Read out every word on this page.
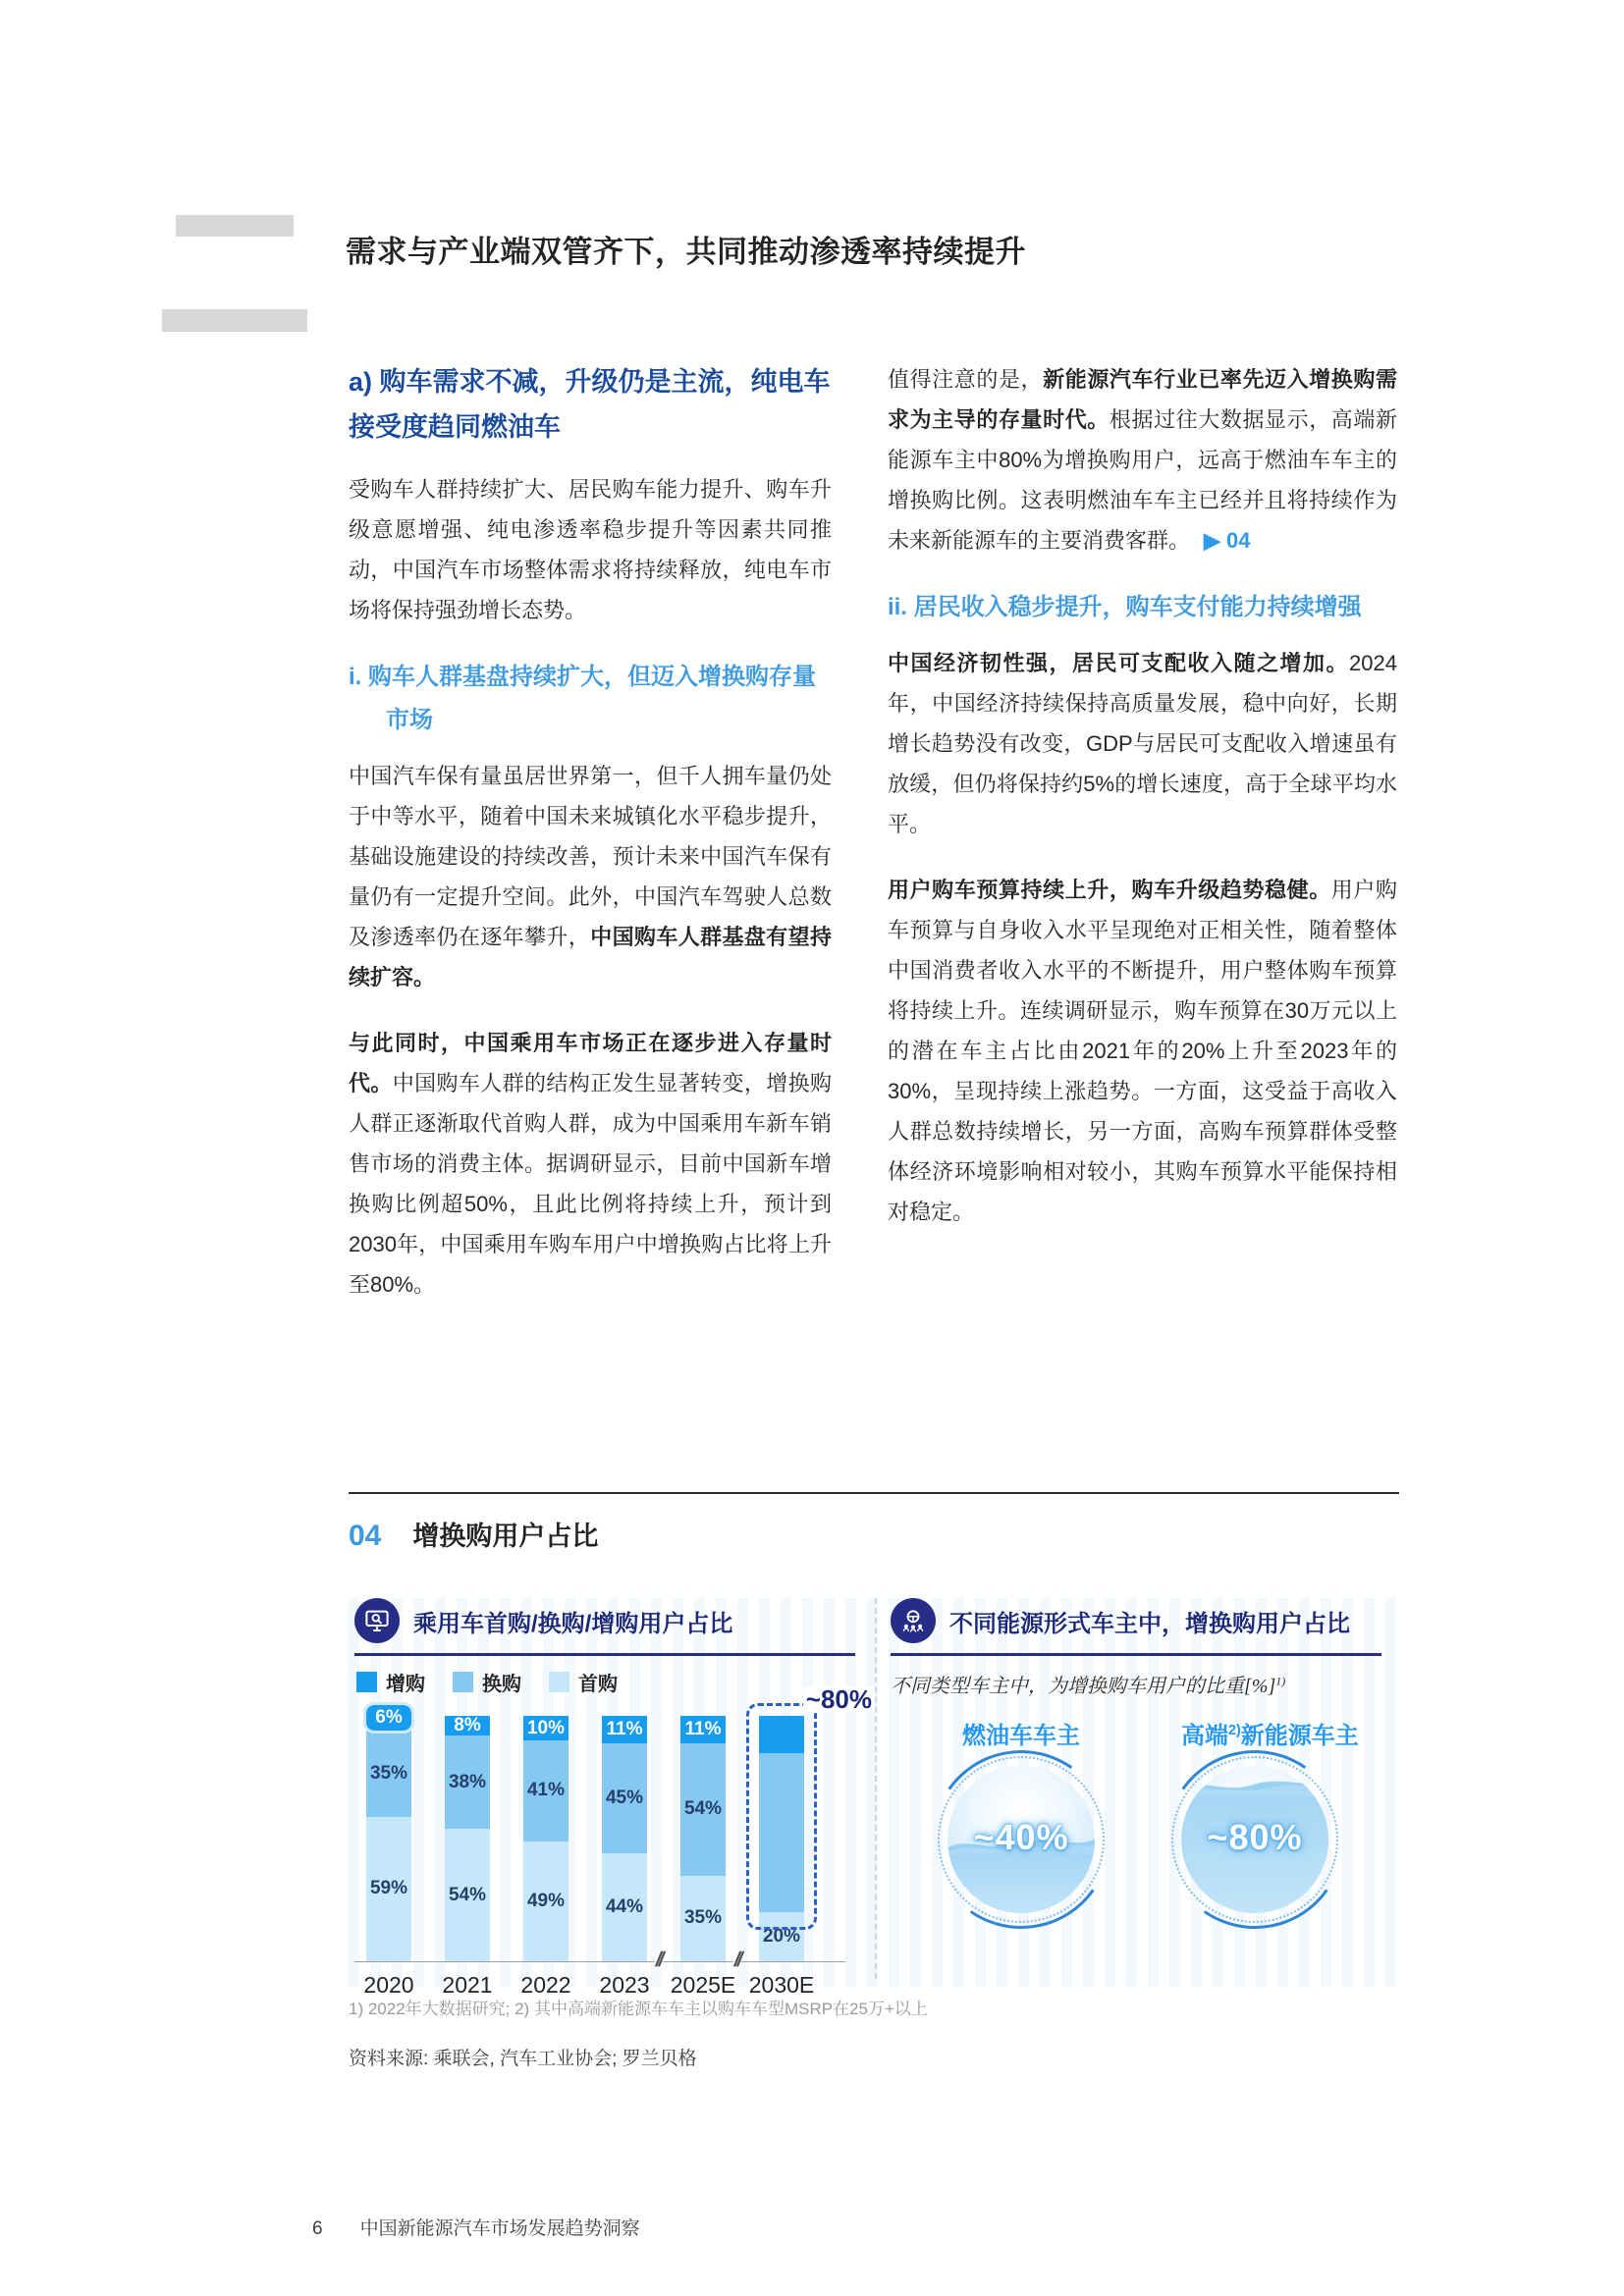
需求与产业端双管齐下，共同推动渗透率持续提升
a) 购车需求不减，升级仍是主流，纯电车接受度趋同燃油车

受购车人群持续扩大、居民购车能力提升、购车升级意愿增强、纯电渗透率稳步提升等因素共同推动，中国汽车市场整体需求将持续释放，纯电车市场将保持强劲增长态势。

i. 购车人群基盘持续扩大，但迈入增换购存量市场

中国汽车保有量虽居世界第一，但千人拥车量仍处于中等水平，随着中国未来城镇化水平稳步提升，基础设施建设的持续改善，预计未来中国汽车保有量仍有一定提升空间。此外，中国汽车驾驶人总数及渗透率仍在逐年攀升，中国购车人群基盘有望持续扩容。

与此同时，中国乘用车市场正在逐步进入存量时代。中国购车人群的结构正发生显著转变，增换购人群正逐渐取代首购人群，成为中国乘用车新车销售市场的消费主体。据调研显示，目前中国新车增换购比例超50%，且此比例将持续上升，预计到2030年，中国乘用车购车用户中增换购占比将上升至80%。

值得注意的是，新能源汽车行业已率先迈入增换购需求为主导的存量时代。根据过往大数据显示，高端新能源车主中80%为增换购用户，远高于燃油车车主的增换购比例。这表明燃油车车主已经并且将持续作为未来新能源车的主要消费客群。 ▶ 04

ii. 居民收入稳步提升，购车支付能力持续增强

中国经济韧性强，居民可支配收入随之增加。2024年，中国经济持续保持高质量发展，稳中向好，长期增长趋势没有改变，GDP与居民可支配收入增速虽有放缓，但仍将保持约5%的增长速度，高于全球平均水平。

用户购车预算持续上升，购车升级趋势稳健。用户购车预算与自身收入水平呈现绝对正相关性，随着整体中国消费者收入水平的不断提升，用户整体购车预算将持续上升。连续调研显示，购车预算在30万元以上的潜在车主占比由2021年的20%上升至2023年的30%，呈现持续上涨趋势。一方面，这受益于高收入人群总数持续增长，另一方面，高购车预算群体受整体经济环境影响相对较小，其购车预算水平能保持相对稳定。

04 增换购用户占比
乘用车首购/换购/增购用户占比
增购	换购	首购
6%
35%
59%
8%
38%
54%
10%
41%
49%
11%
45%
44%
11%
54%
35%
20%
~80%
//	//
2020 2021 2022 2023 2025E 2030E
不同能源形式车主中，增换购用户占比
不同类型车主中，为增换购车用户的比重[%]$^{1)}$
燃油车车主
~40%
高端$^{2)}$新能源车主
~80%
1) 2022年大数据研究; 2) 其中高端新能源车车主以购车车型MSRP在25万+以上
资料来源: 乘联会, 汽车工业协会; 罗兰贝格
6 中国新能源汽车市场发展趋势洞察
